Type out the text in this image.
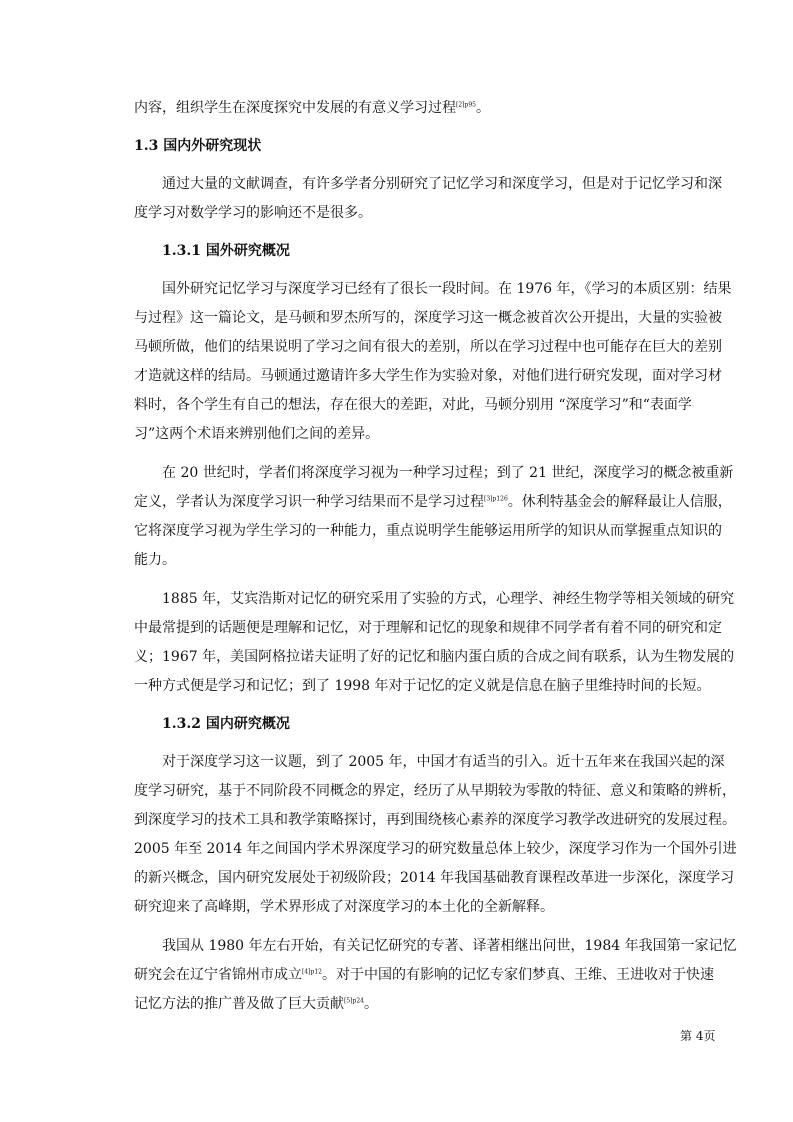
内容，组织学生在深度探究中发展的有意义学习过程$^{[2]p95}$。
1.3 国内外研究现状
通过大量的文献调查，有许多学者分别研究了记忆学习和深度学习，但是对于记忆学习和深
度学习对数学学习的影响还不是很多。
1.3.1 国外研究概况
国外研究记忆学习与深度学习已经有了很长一段时间。在 1976 年，《学习的本质区别：结果
与过程》这一篇论文，是马顿和罗杰所写的，深度学习这一概念被首次公开提出，大量的实验被
马顿所做，他们的结果说明了学习之间有很大的差别，所以在学习过程中也可能存在巨大的差别
才造就这样的结局。马顿通过邀请许多大学生作为实验对象，对他们进行研究发现，面对学习材
料时，各个学生有自己的想法，存在很大的差距，对此，马顿分别用 “深度学习”和“表面学
习”这两个术语来辨别他们之间的差异。
在 20 世纪时，学者们将深度学习视为一种学习过程；到了 21 世纪，深度学习的概念被重新
定义，学者认为深度学习识一种学习结果而不是学习过程$^{[3]p126}$。休利特基金会的解释最让人信服，
它将深度学习视为学生学习的一种能力，重点说明学生能够运用所学的知识从而掌握重点知识的
能力。
1885 年，艾宾浩斯对记忆的研究采用了实验的方式，心理学、神经生物学等相关领域的研究
中最常提到的话题便是理解和记忆，对于理解和记忆的现象和规律不同学者有着不同的研究和定
义；1967 年，美国阿格拉诺夫证明了好的记忆和脑内蛋白质的合成之间有联系，认为生物发展的
一种方式便是学习和记忆；到了 1998 年对于记忆的定义就是信息在脑子里维持时间的长短。
1.3.2 国内研究概况
对于深度学习这一议题，到了 2005 年，中国才有适当的引入。近十五年来在我国兴起的深
度学习研究，基于不同阶段不同概念的界定，经历了从早期较为零散的特征、意义和策略的辨析，
到深度学习的技术工具和教学策略探讨，再到围绕核心素养的深度学习教学改进研究的发展过程。
2005 年至 2014 年之间国内学术界深度学习的研究数量总体上较少，深度学习作为一个国外引进
的新兴概念，国内研究发展处于初级阶段；2014 年我国基础教育课程改革进一步深化，深度学习
研究迎来了高峰期，学术界形成了对深度学习的本土化的全新解释。
我国从 1980 年左右开始，有关记忆研究的专著、译著相继出问世，1984 年我国第一家记忆
研究会在辽宁省锦州市成立$^{[4]p12}$。对于中国的有影响的记忆专家们梦真、王维、王进收对于快速
记忆方法的推广普及做了巨大贡献$^{[5]p24}$。
第 4页
